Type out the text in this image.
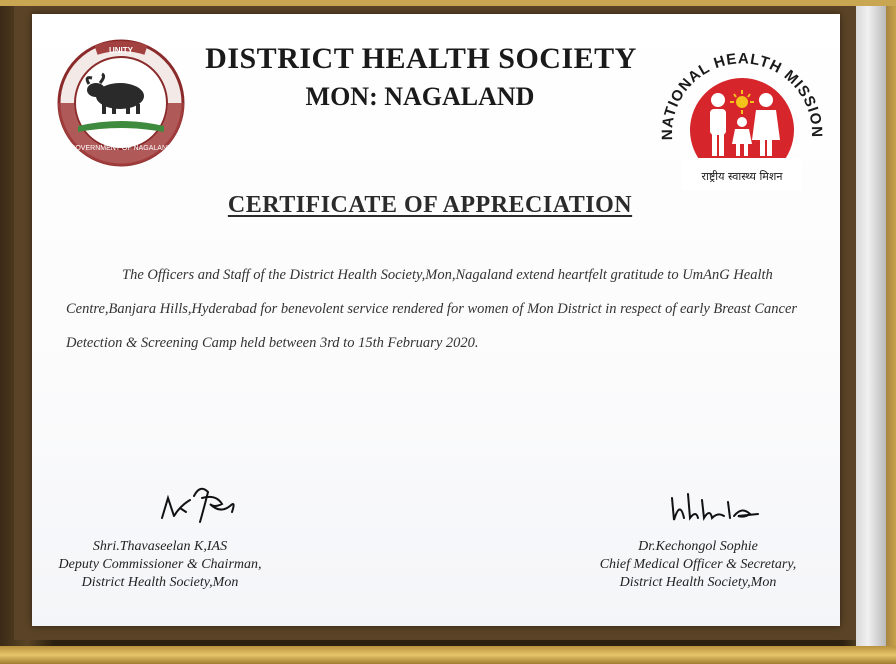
UNITY
GOVERNMENT OF NAGALAND
NATIONAL HEALTH MISSION
राष्ट्रीय स्वास्थ्य मिशन
DISTRICT HEALTH SOCIETY
MON: NAGALAND
CERTIFICATE OF APPRECIATION
The Officers and Staff of the District Health Society,Mon,Nagaland extend heartfelt gratitude to UmAnG Health Centre,Banjara Hills,Hyderabad for benevolent service rendered for women of Mon District in respect of early Breast Cancer Detection & Screening Camp held between 3rd to 15th February 2020.
Shri.Thavaseelan K,IAS
Deputy Commissioner & Chairman,
District Health Society,Mon
Dr.Kechongol Sophie
Chief Medical Officer & Secretary,
District Health Society,Mon
